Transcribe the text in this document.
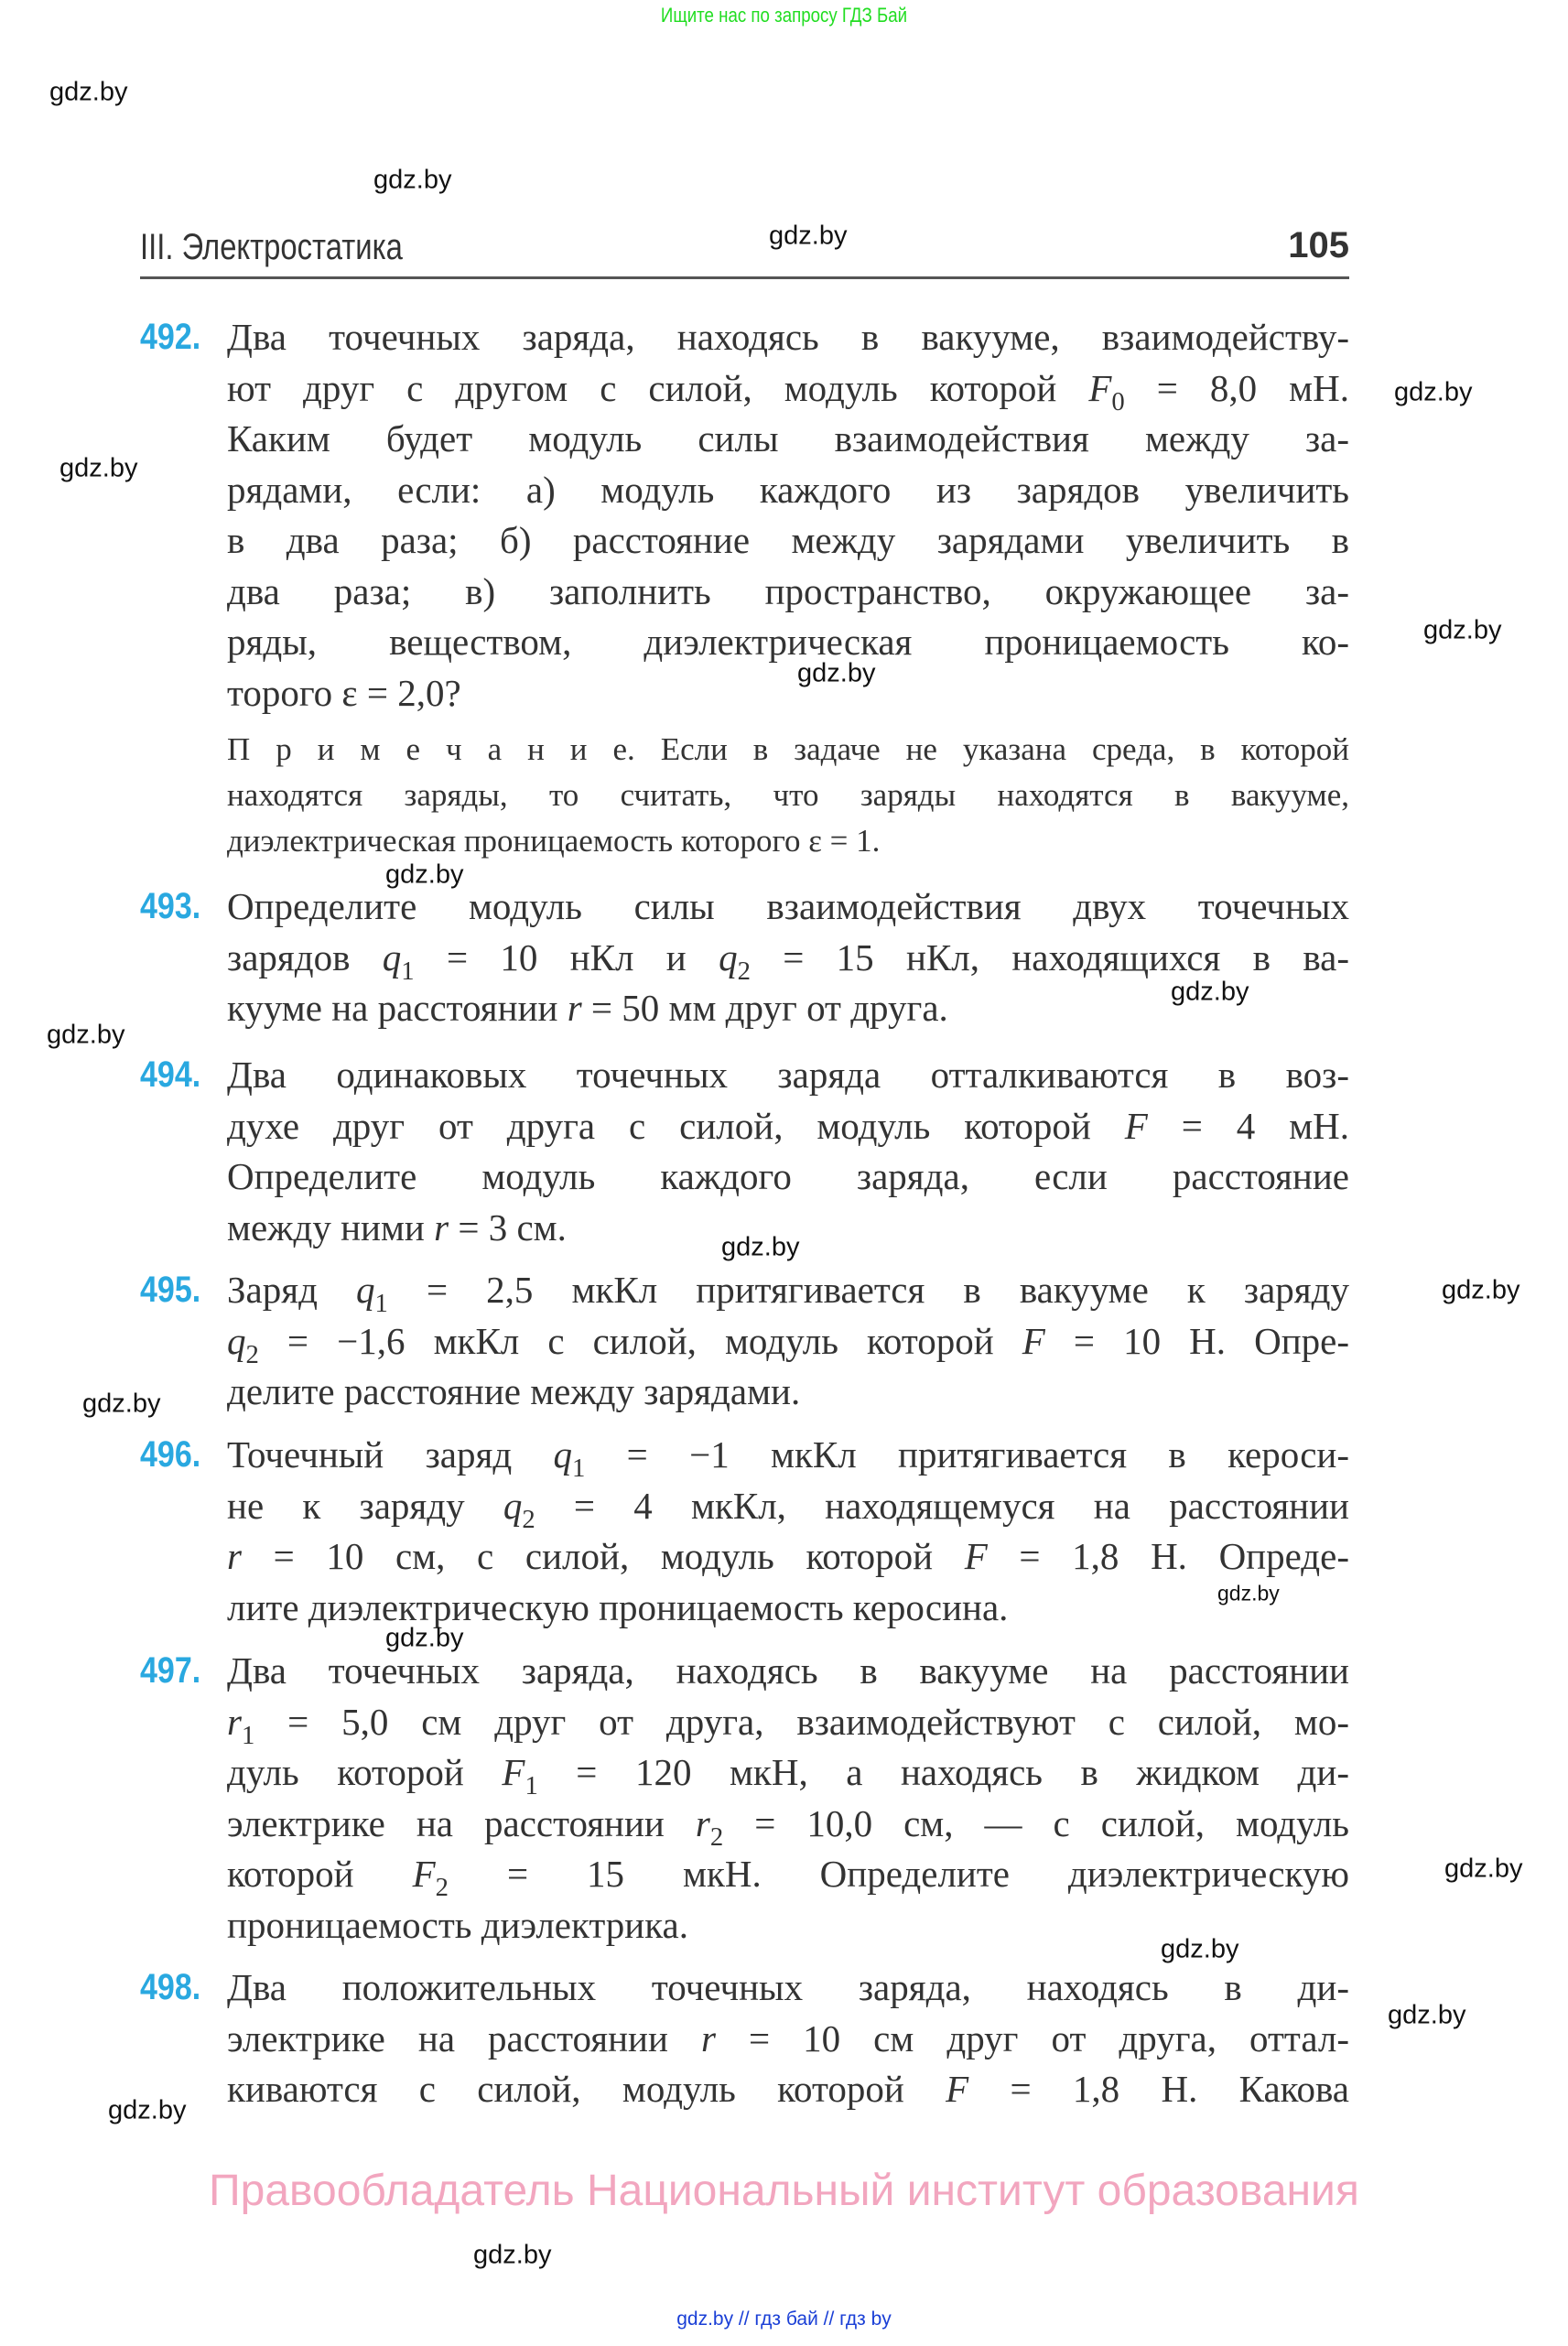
Ищите нас по запросу ГДЗ Бай
III. Электростатика	105
492. Два точечных заряда, находясь в вакууме, взаимодейству-
ют друг с другом с силой, модуль которой $F_0 = 8,0$ мН.
Каким будет модуль силы взаимодействия между за-
рядами, если: а) модуль каждого из зарядов увеличить
в два раза; б) расстояние между зарядами увеличить в
два раза; в) заполнить пространство, окружающее за-
ряды, веществом, диэлектрическая проницаемость ко-
торого ε = 2,0?
П р и м е ч а н и е. Если в задаче не указана среда, в которой
находятся заряды, то считать, что заряды находятся в вакууме,
диэлектрическая проницаемость которого ε = 1.
493. Определите модуль силы взаимодействия двух точечных
зарядов $q_1 = 10$ нКл и $q_2 = 15$ нКл, находящихся в ва-
кууме на расстоянии r = 50 мм друг от друга.
494. Два одинаковых точечных заряда отталкиваются в воз-
духе друг от друга с силой, модуль которой F = 4 мН.
Определите модуль каждого заряда, если расстояние
между ними r = 3 см.
495. Заряд $q_1 = 2,5$ мкКл притягивается в вакууме к заряду
$q_2 = -1,6$ мкКл с силой, модуль которой F = 10 Н. Опре-
делите расстояние между зарядами.
496. Точечный заряд $q_1 = -1$ мкКл притягивается в кероси-
не к заряду $q_2 = 4$ мкКл, находящемуся на расстоянии
r = 10 см, с силой, модуль которой F = 1,8 Н. Опреде-
лите диэлектрическую проницаемость керосина.
497. Два точечных заряда, находясь в вакууме на расстоянии
$r_1 = 5,0$ см друг от друга, взаимодействуют с силой, мо-
дуль которой $F_1 = 120$ мкН, а находясь в жидком ди-
электрике на расстоянии $r_2 = 10,0$ см, — с силой, модуль
которой $F_2 = 15$ мкН. Определите диэлектрическую
проницаемость диэлектрика.
498. Два положительных точечных заряда, находясь в ди-
электрике на расстоянии r = 10 см друг от друга, оттал-
киваются с силой, модуль которой F = 1,8 Н. Какова
gdz.by
gdz.by
gdz.by
gdz.by
gdz.by
gdz.by
gdz.by
gdz.by
gdz.by
gdz.by
gdz.by
gdz.by
gdz.by
gdz.by
gdz.by
gdz.by
gdz.by
gdz.by
gdz.by
gdz.by
Правообладатель Национальный институт образования
gdz.by // гдз бай // гдз by
